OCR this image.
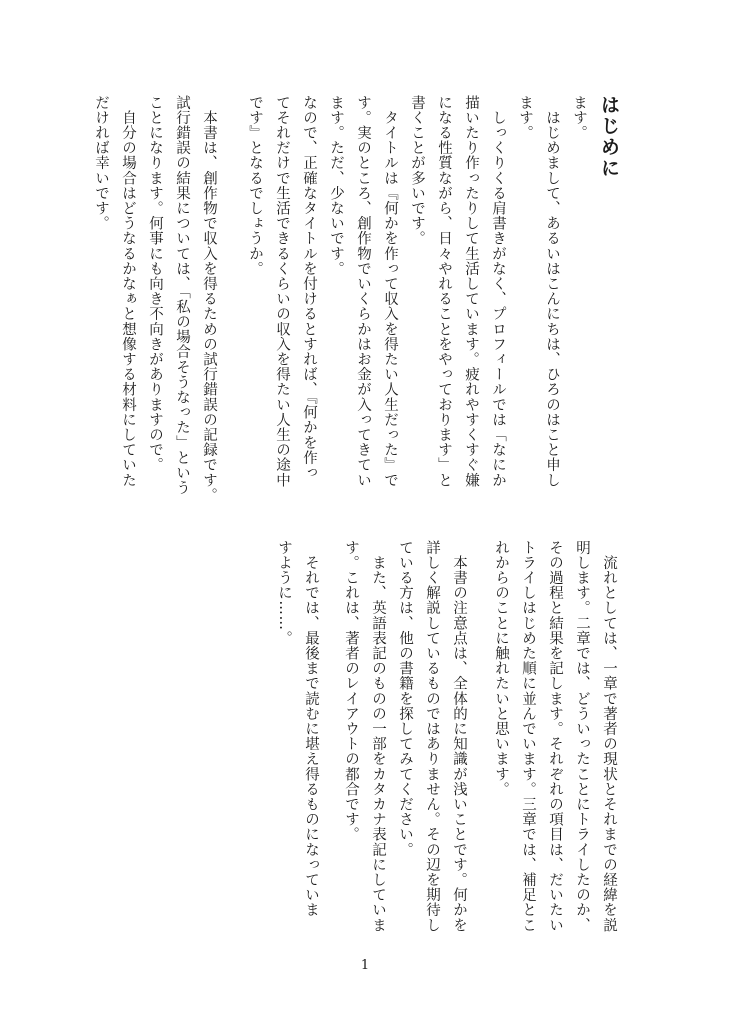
はじめに

ます。

　はじめまして、あるいはこんにちは、ひろのはこと申し

ます。

　しっくりくる肩書きがなく、プロフィールでは「なにか

描いたり作ったりして生活しています。疲れやすくすぐ嫌

になる性質ながら、日々やれることをやっております」と

書くことが多いです。

　タイトルは『何かを作って収入を得たい人生だった』で

す。実のところ、創作物でいくらかはお金が入ってきてい

ます。ただ、少ないです。

なので、正確なタイトルを付けるとすれば、『何かを作っ

てそれだけで生活できるくらいの収入を得たい人生の途中

です』となるでしょうか。

　本書は、創作物で収入を得るための試行錯誤の記録です。

試行錯誤の結果については、「私の場合そうなった」という

ことになります。何事にも向き不向きがありますので。

　自分の場合はどうなるかなぁと想像する材料にしていた

だければ幸いです。

　流れとしては、一章で著者の現状とそれまでの経緯を説

明します。二章では、どういったことにトライしたのか、

その過程と結果を記します。それぞれの項目は、だいたい

トライしはじめた順に並んでいます。三章では、補足とこ

れからのことに触れたいと思います。

　本書の注意点は、全体的に知識が浅いことです。何かを

詳しく解説しているものではありません。その辺を期待し

ている方は、他の書籍を探してみてください。

　また、英語表記のものの一部をカタカナ表記にしていま

す。これは、著者のレイアウトの都合です。

　それでは、最後まで読むに堪え得るものになっていま

すように……。

1
